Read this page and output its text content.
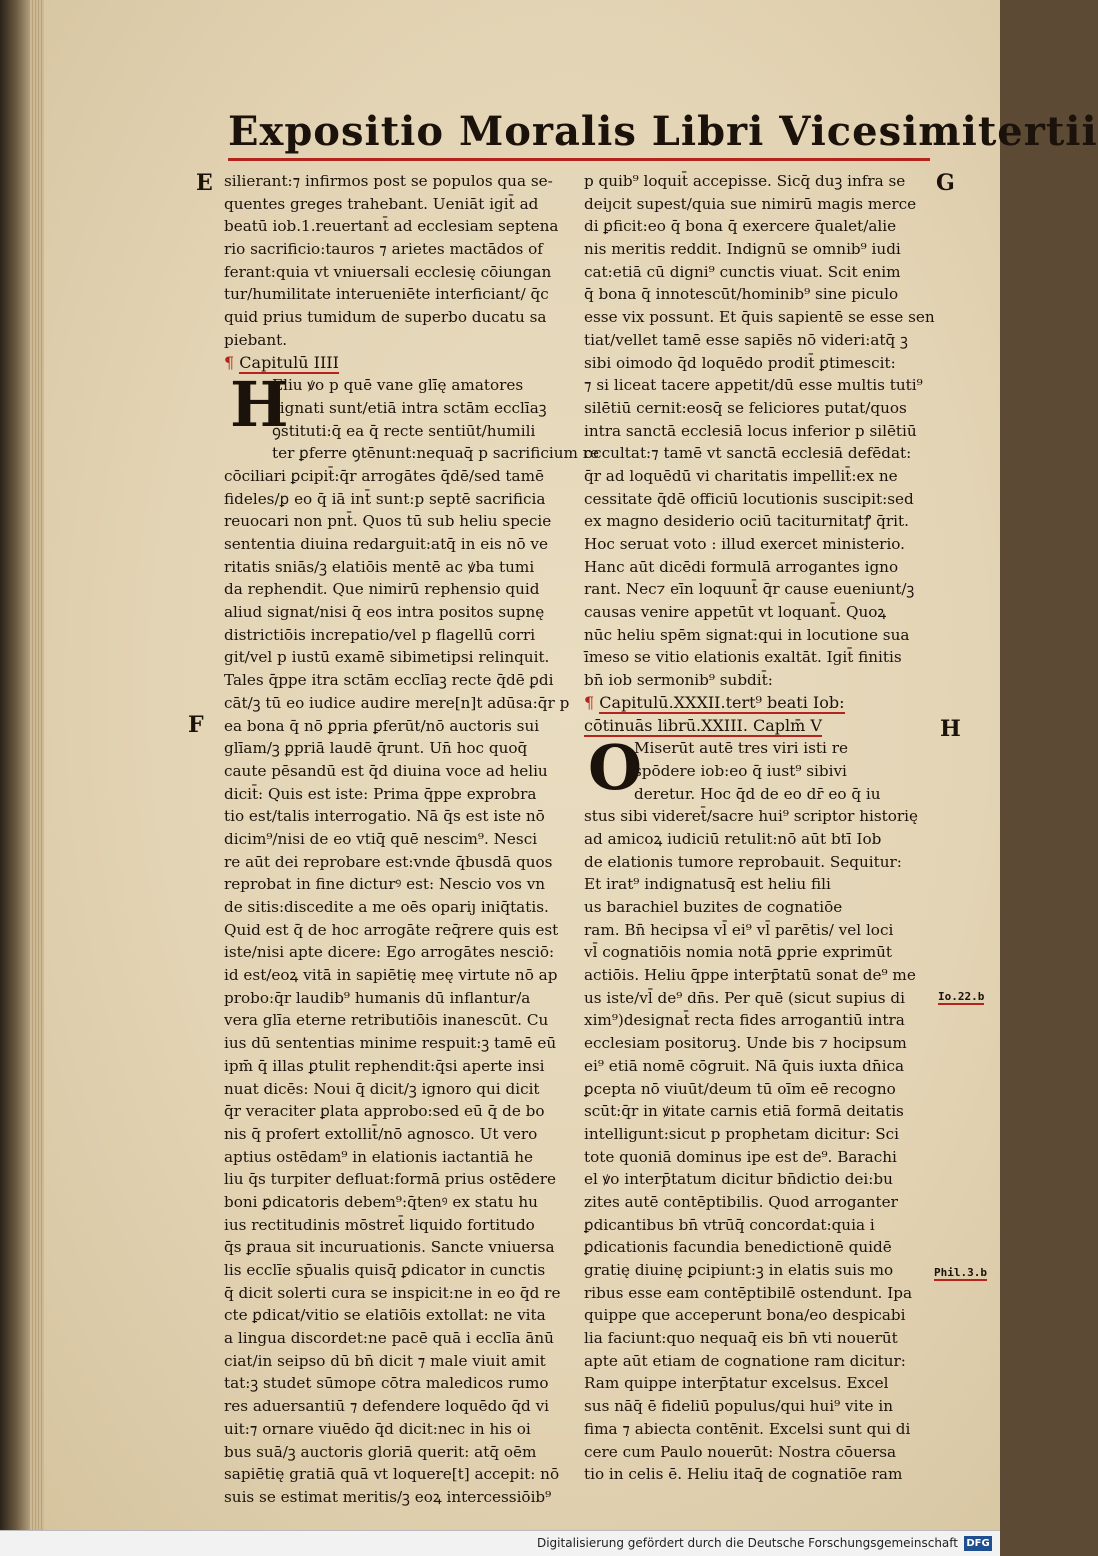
Expositio Moralis Libri Vicesimitertii
E
F
G
H
Io.22.b
Phil.3.b
silierant:⁊ infirmos post se populos qua se-
quentes greges trahebant. Ueniāt igit̄ ad
beatū iob.1.reuertant̄ ad ecclesiam septena
rio sacrificio:tauros ⁊ arietes mactādos of
ferant:quia vt vniuersali ecclesię cōiungan
tur/humilitate interueniēte interficiant/ q̄c
quid prius tumidum de superbo ducatu sa
piebant.
¶ Capitulū IIII
H
Eliu ꝟo p quē vane glīę amatores
signati sunt/etiā intra sctām ecclīaꝫ
ꝯstituti:q̄ ea q̄ recte sentiūt/humili
ter ꝑferre ꝯtēnunt:nequaq̄ p sacrificium re
cōciliari ꝑcipit̄:q̄r arrogātes q̄dē/sed tamē
fideles/ꝑ eo q̄ iā int̄ sunt:p septē sacrificia
reuocari non pnt̄. Quos tū sub heliu specie
sententia diuina redarguit:atq̄ in eis nō ve
ritatis sniās/ꝫ elatiōis mentē ac ꝟba tumi
da rephendit. Que nimirū rephensio quid
aliud signat/nisi q̄ eos intra positos supnę
districtiōis increpatio/vel p flagellū corri
git/vel p iustū examē sibimetipsi relinquit.
Tales q̄ppe itra sctām ecclīaꝫ recte q̄dē ꝑdi
cāt/ꝫ tū eo iudice audire mere[n]t adūsa:q̄r p
ea bona q̄ nō ꝑpria ꝑferūt/nō auctoris sui
glīam/ꝫ ꝑpriā laudē q̄runt. Un̄ hoc quoq̄
caute pēsandū est q̄d diuina voce ad heliu
dicit̄: Quis est iste: Prima q̄ppe exprobra
tio est/talis interrogatio. Nā q̄s est iste nō
dicim⁹/nisi de eo vtiq̄ quē nescim⁹. Nesci
re aūt dei reprobare est:vnde q̄busdā quos
reprobat in fine dicturꝰ est: Nescio vos vn
de sitis:discedite a me oēs opariȷ iniq̄tatis.
Quid est q̄ de hoc arrogāte req̄rere quis est
iste/nisi apte dicere: Ego arrogātes nesciō:
id est/eoꝝ vitā in sapiētię meę virtute nō ap
probo:q̄r laudib⁹ humanis dū inflantur/a
vera glīa eterne retributiōis inanescūt. Cu
ius dū sententias minime respuit:ꝫ tamē eū
ipm̄ q̄ illas ꝑtulit rephendit:q̄si aperte insi
nuat dicēs: Noui q̄ dicit/ꝫ ignoro qui dicit
q̄r veraciter ꝑlata approbo:sed eū q̄ de bo
nis q̄ profert extollit̄/nō agnosco. Ut vero
aptius ostēdam⁹ in elationis iactantiā he
liu q̄s turpiter defluat:formā prius ostēdere
boni ꝑdicatoris debem⁹:q̄tenꝰ ex statu hu
ius rectitudinis mōstret̄ liquido fortitudo
q̄s ꝑraua sit incuruationis. Sancte vniuersa
lis ecclīe sp̄ualis quisq̄ ꝑdicator in cunctis
q̄ dicit solerti cura se inspicit:ne in eo q̄d re
cte ꝑdicat/vitio se elatiōis extollat: ne vita
a lingua discordet:ne pacē quā i ecclīa ānū
ciat/in seipso dū bn̄ dicit ⁊ male viuit amit
tat:ꝫ studet sūmope cōtra maledicos rumo
res aduersantiū ⁊ defendere loquēdo q̄d vi
uit:⁊ ornare viuēdo q̄d dicit:nec in his oi
bus suā/ꝫ auctoris gloriā querit: atq̄ oēm
sapiētię gratiā quā vt loquere[t] accepit: nō
suis se estimat meritis/ꝫ eoꝝ intercessiōib⁹
p quib⁹ loquit̄ accepisse. Sicq̄ duꝫ infra se
deiȷcit supest/quia sue nimirū magis merce
di ꝑficit:eo q̄ bona q̄ exercere q̄ualet/alie
nis meritis reddit. Indignū se omnib⁹ iudi
cat:etiā cū digni⁹ cunctis viuat. Scit enim
q̄ bona q̄ innotescūt/hominib⁹ sine piculo
esse vix possunt. Et q̄uis sapientē se esse sen
tiat/vellet tamē esse sapiēs nō videri:atq̄ ꝫ
sibi oimodo q̄d loquēdo prodit̄ ꝑtimescit:
⁊ si liceat tacere appetit/dū esse multis tuti⁹
silētiū cernit:eosq̄ se feliciores putat/quos
intra sanctā ecclesiā locus inferior p silētiū
occultat:⁊ tamē vt sanctā ecclesiā defēdat:
q̄r ad loquēdū vi charitatis impellit̄:ex ne
cessitate q̄dē officiū locutionis suscipit:sed
ex magno desiderio ociū taciturnitatꝭ q̄rit.
Hoc seruat voto : illud exercet ministerio.
Hanc aūt dicēdi formulā arrogantes igno
rant. Nec⁊ eīn loquunt̄ q̄r cause eueniunt/ꝫ
causas venire appetūt vt loquant̄. Quoꝝ
nūc heliu spēm signat:qui in locutione sua
īmeso se vitio elationis exaltāt. Igit̄ finitis
bn̄ iob sermonib⁹ subdit̄:
¶ Capitulū.XXXII.tert⁹ beati Iob:
cōtinuās librū.XXIII. Caplm̄ V
O
Miserūt autē tres viri isti re
spōdere iob:eo q̄ iust⁹ sibivi
deretur. Hoc q̄d de eo dr̄ eo q̄ iu
stus sibi videret̄/sacre hui⁹ scriptor historię
ad amicoꝝ iudiciū retulit:nō aūt btī Iob
de elationis tumore reprobauit. Sequitur:
Et irat⁹ indignatusq̄ est heliu fili
us barachiel buzites de cognatiōe
ram. Bn̄ hecipsa vl̄ ei⁹ vl̄ parētis/ vel loci
vl̄ cognatiōis nomia notā ꝑprie exprimūt
actiōis. Heliu q̄ppe interp̄tatū sonat de⁹ me
us iste/vl̄ de⁹ dn̄s. Per quē (sicut supius di
xim⁹)designat̄ recta fides arrogantiū intra
ecclesiam positoruꝫ. Unde bis ⁊ hocipsum
ei⁹ etiā nomē cōgruit. Nā q̄uis iuxta dn̄ica
ꝑcepta nō viuūt/deum tū oīm eē recogno
scūt:q̄r in ꝟitate carnis etiā formā deitatis
intelligunt:sicut p prophetam dicitur: Sci
tote quoniā dominus ipe est de⁹. Barachi
el ꝟo interp̄tatum dicitur bn̄dictio dei:bu
zites autē contēptibilis. Quod arroganter
ꝑdicantibus bn̄ vtrūq̄ concordat:quia i
ꝑdicationis facundia benedictionē quidē
gratię diuinę ꝑcipiunt:ꝫ in elatis suis mo
ribus esse eam contēptibilē ostendunt. Ipa
quippe que acceperunt bona/eo despicabi
lia faciunt:quo nequaq̄ eis bn̄ vti nouerūt
apte aūt etiam de cognatione ram dicitur:
Ram quippe interp̄tatur excelsus. Excel
sus nāq̄ ē fideliū populus/qui hui⁹ vite in
fima ⁊ abiecta contēnit. Excelsi sunt qui di
cere cum Paulo nouerūt: Nostra cōuersa
tio in celis ē. Heliu itaq̄ de cognatiōe ram
Digitalisierung gefördert durch die Deutsche Forschungsgemeinschaft DFG
